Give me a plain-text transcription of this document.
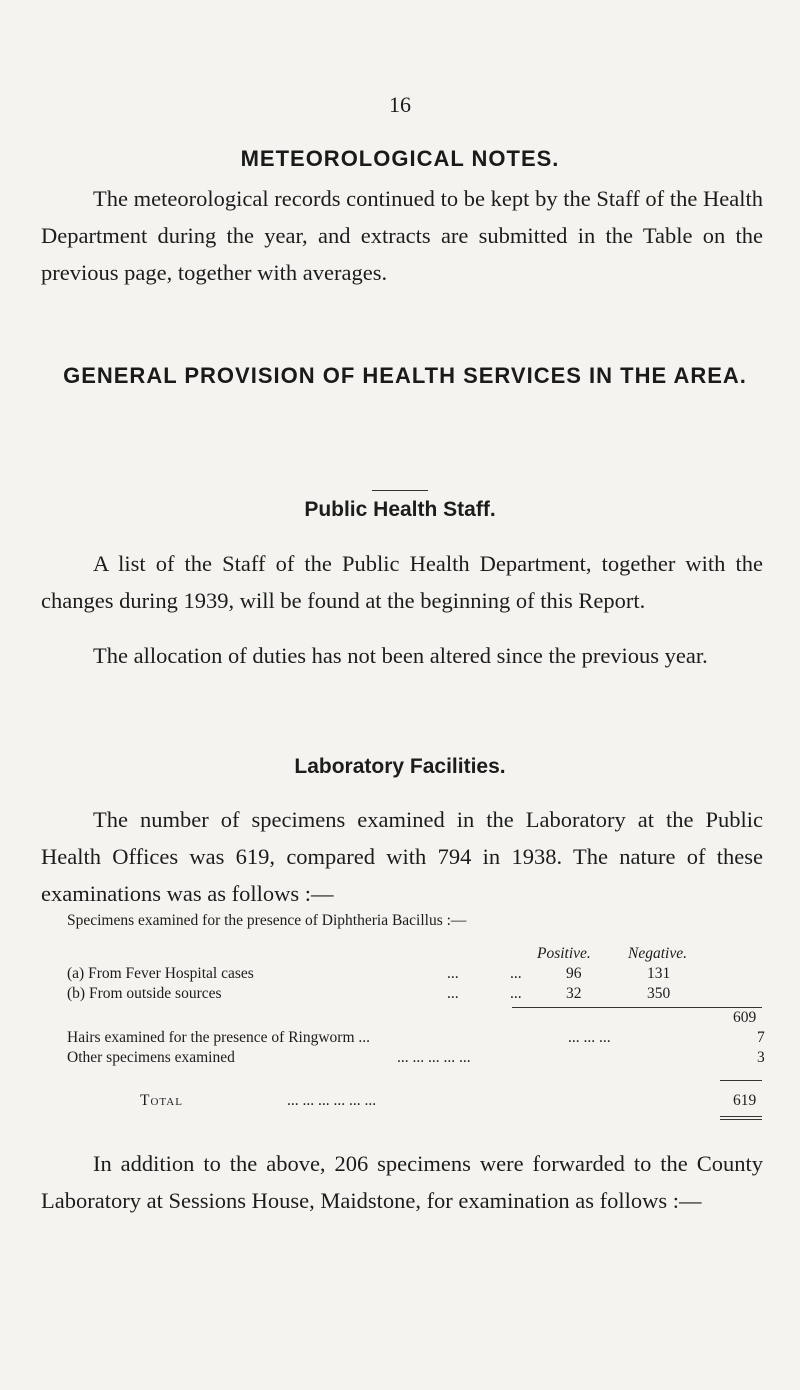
16
METEOROLOGICAL NOTES.
The meteorological records continued to be kept by the Staff of the Health Department during the year, and extracts are submitted in the Table on the previous page, together with averages.
GENERAL PROVISION OF HEALTH SERVICES IN THE AREA.
Public Health Staff.
A list of the Staff of the Public Health Department, together with the changes during 1939, will be found at the beginning of this Report.
The allocation of duties has not been altered since the previous year.
Laboratory Facilities.
The number of specimens examined in the Laboratory at the Public Health Offices was 619, compared with 794 in 1938. The nature of these examinations was as follows :—
Specimens examined for the presence of Diphtheria Bacillus :—
Positive. Negative.
(a) From Fever Hospital cases	...	...	96	131
(b) From outside sources	...	...	32	350
609
Hairs examined for the presence of Ringworm ...	... ... ...	7
Other specimens examined	... ... ... ... ...	3
Total	... ... ... ... ... ...	619
In addition to the above, 206 specimens were forwarded to the County Laboratory at Sessions House, Maidstone, for examination as follows :—
